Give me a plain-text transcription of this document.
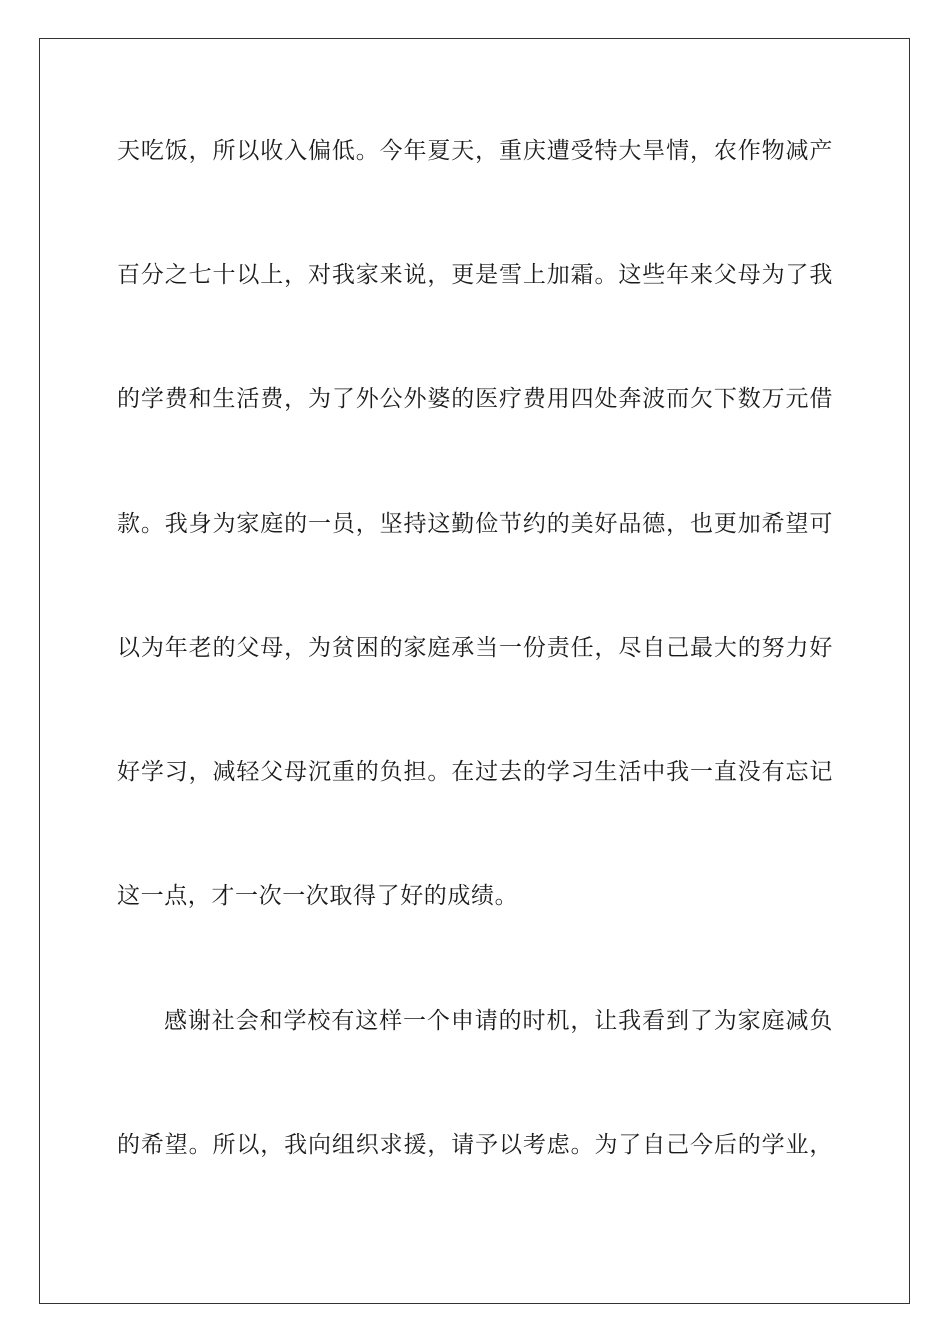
天吃饭，所以收入偏低。今年夏天，重庆遭受特大旱情，农作物减产
百分之七十以上，对我家来说，更是雪上加霜。这些年来父母为了我
的学费和生活费，为了外公外婆的医疗费用四处奔波而欠下数万元借
款。我身为家庭的一员，坚持这勤俭节约的美好品德，也更加希望可
以为年老的父母，为贫困的家庭承当一份责任，尽自己最大的努力好
好学习，减轻父母沉重的负担。在过去的学习生活中我一直没有忘记
这一点，才一次一次取得了好的成绩。
感谢社会和学校有这样一个申请的时机，让我看到了为家庭减负
的希望。所以，我向组织求援，请予以考虑。为了自己今后的学业，
